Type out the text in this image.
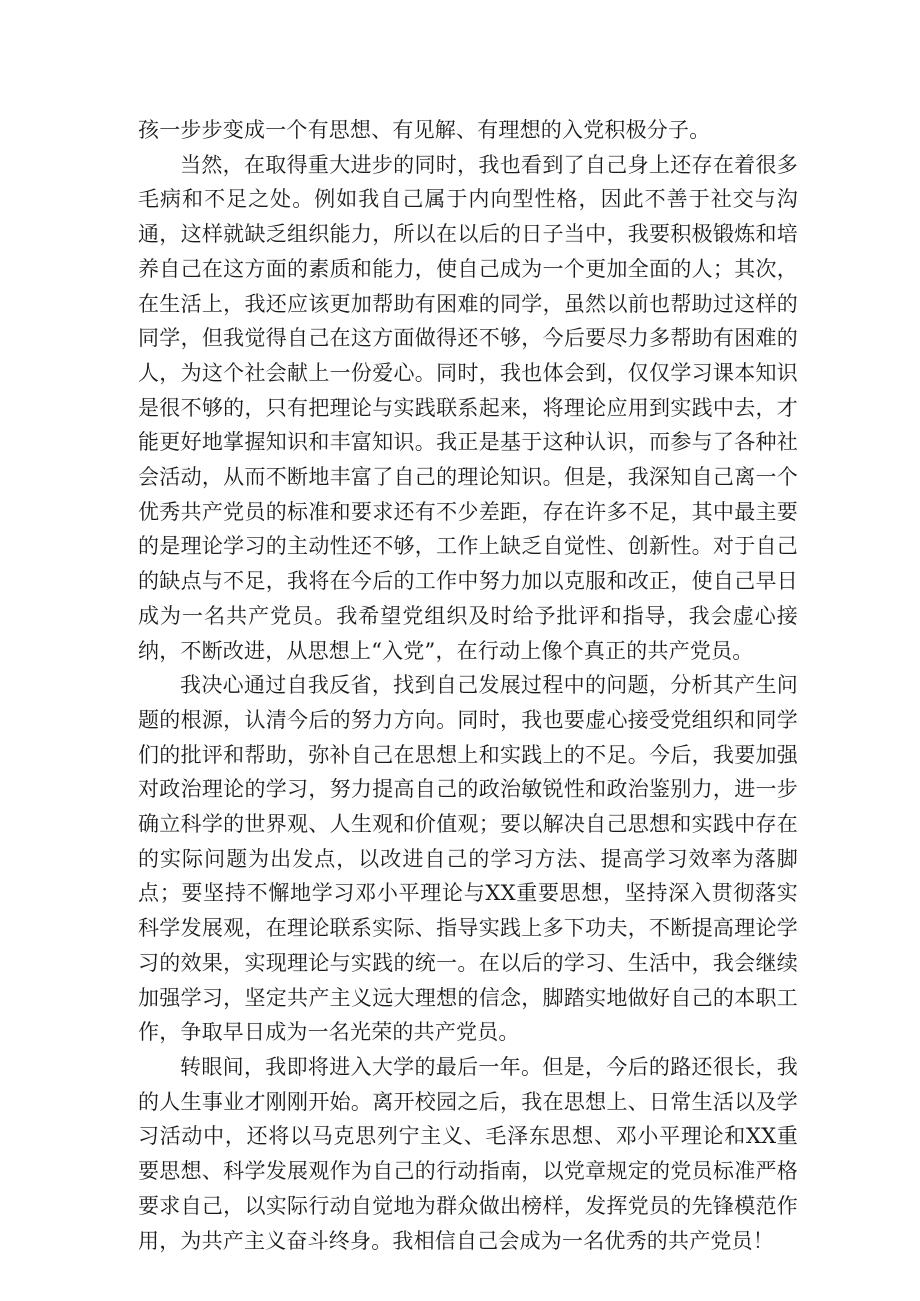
孩一步步变成一个有思想、有见解、有理想的入党积极分子。

当然，在取得重大进步的同时，我也看到了自己身上还存在着很多毛病和不足之处。例如我自己属于内向型性格，因此不善于社交与沟通，这样就缺乏组织能力，所以在以后的日子当中，我要积极锻炼和培养自己在这方面的素质和能力，使自己成为一个更加全面的人；其次，在生活上，我还应该更加帮助有困难的同学，虽然以前也帮助过这样的同学，但我觉得自己在这方面做得还不够，今后要尽力多帮助有困难的人，为这个社会献上一份爱心。同时，我也体会到，仅仅学习课本知识是很不够的，只有把理论与实践联系起来，将理论应用到实践中去，才能更好地掌握知识和丰富知识。我正是基于这种认识，而参与了各种社会活动，从而不断地丰富了自己的理论知识。但是，我深知自己离一个优秀共产党员的标准和要求还有不少差距，存在许多不足，其中最主要的是理论学习的主动性还不够，工作上缺乏自觉性、创新性。对于自己的缺点与不足，我将在今后的工作中努力加以克服和改正，使自己早日成为一名共产党员。我希望党组织及时给予批评和指导，我会虚心接纳，不断改进，从思想上“入党”，在行动上像个真正的共产党员。

我决心通过自我反省，找到自己发展过程中的问题，分析其产生问题的根源，认清今后的努力方向。同时，我也要虚心接受党组织和同学们的批评和帮助，弥补自己在思想上和实践上的不足。今后，我要加强对政治理论的学习，努力提高自己的政治敏锐性和政治鉴别力，进一步确立科学的世界观、人生观和价值观；要以解决自己思想和实践中存在的实际问题为出发点，以改进自己的学习方法、提高学习效率为落脚点；要坚持不懈地学习邓小平理论与XX重要思想，坚持深入贯彻落实科学发展观，在理论联系实际、指导实践上多下功夫，不断提高理论学习的效果，实现理论与实践的统一。在以后的学习、生活中，我会继续加强学习，坚定共产主义远大理想的信念，脚踏实地做好自己的本职工作，争取早日成为一名光荣的共产党员。

转眼间，我即将进入大学的最后一年。但是，今后的路还很长，我的人生事业才刚刚开始。离开校园之后，我在思想上、日常生活以及学习活动中，还将以马克思列宁主义、毛泽东思想、邓小平理论和XX重要思想、科学发展观作为自己的行动指南，以党章规定的党员标准严格要求自己，以实际行动自觉地为群众做出榜样，发挥党员的先锋模范作用，为共产主义奋斗终身。我相信自己会成为一名优秀的共产党员！
